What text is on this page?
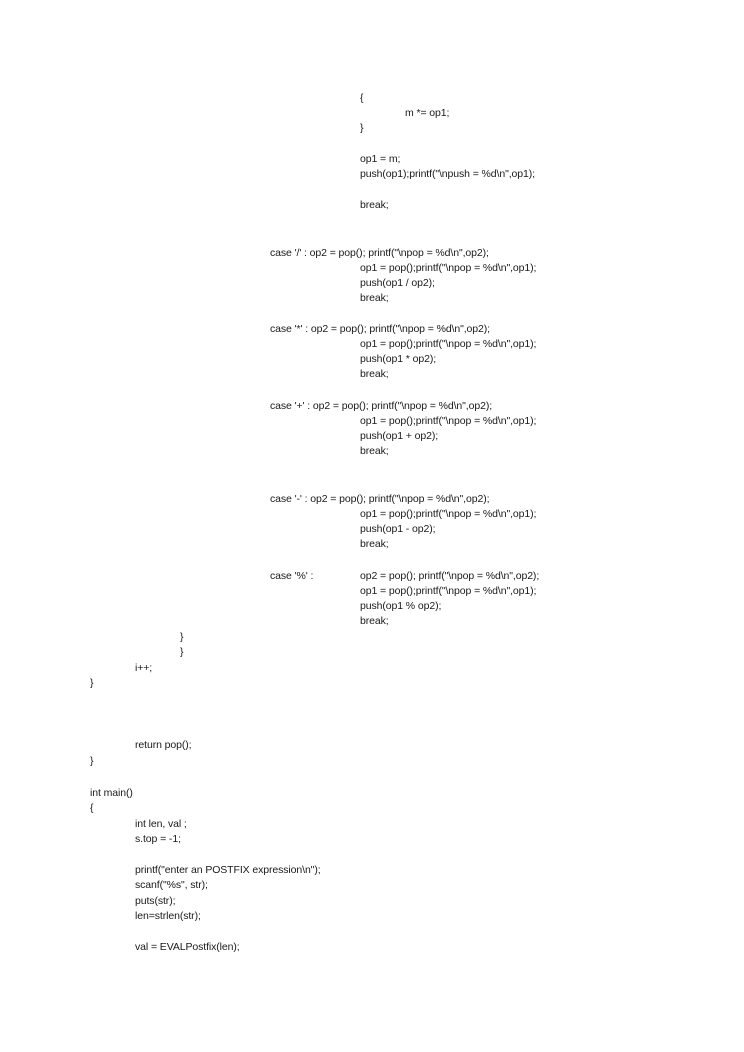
{
m *= op1;
}
op1 = m;
push(op1);printf("\npush = %d\n",op1);
break;
case '/' : op2 = pop(); printf("\npop = %d\n",op2);
op1 = pop();printf("\npop = %d\n",op1);
push(op1 / op2);
break;
case '*' : op2 = pop(); printf("\npop = %d\n",op2);
op1 = pop();printf("\npop = %d\n",op1);
push(op1 * op2);
break;
case '+' : op2 = pop(); printf("\npop = %d\n",op2);
op1 = pop();printf("\npop = %d\n",op1);
push(op1 + op2);
break;
case '-' : op2 = pop(); printf("\npop = %d\n",op2);
op1 = pop();printf("\npop = %d\n",op1);
push(op1 - op2);
break;
case '%' :	op2 = pop(); printf("\npop = %d\n",op2);
op1 = pop();printf("\npop = %d\n",op1);
push(op1 % op2);
break;
}
}
i++;
}
return pop();
}
int main()
{
int len, val ;
s.top = -1;
printf("enter an POSTFIX expression\n");
scanf("%s", str);
puts(str);
len=strlen(str);
val = EVALPostfix(len);
